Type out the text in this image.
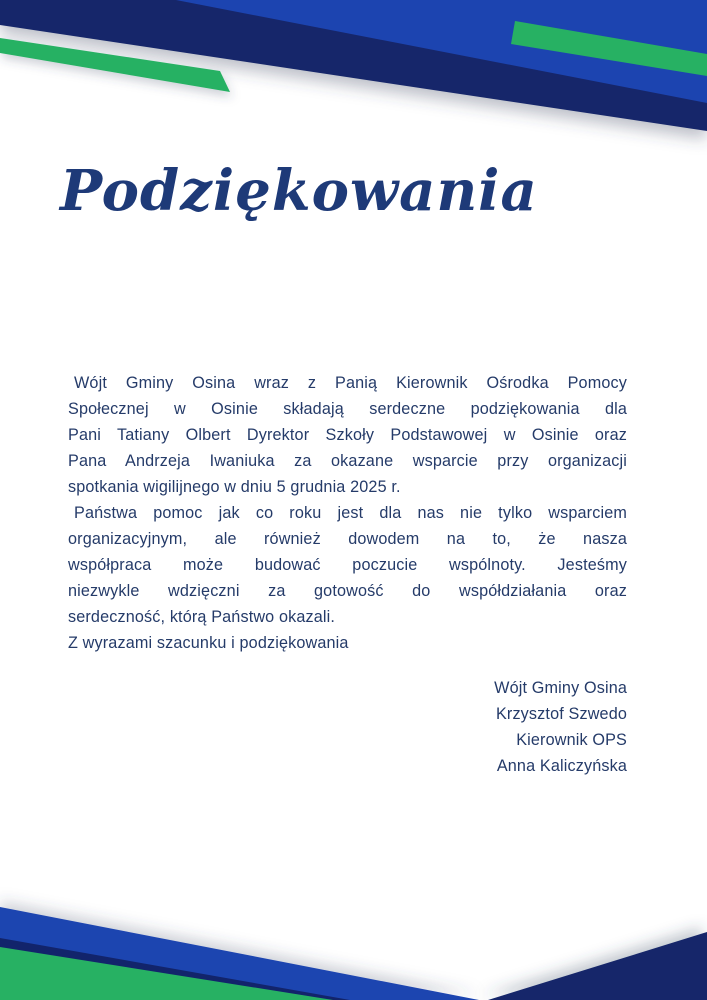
Podziękowania
Wójt Gminy Osina wraz z Panią Kierownik Ośrodka Pomocy
Społecznej w Osinie składają serdeczne podziękowania dla
Pani Tatiany Olbert Dyrektor Szkoły Podstawowej w Osinie oraz
Pana Andrzeja Iwaniuka za okazane wsparcie przy organizacji
spotkania wigilijnego w dniu 5 grudnia 2025 r.
Państwa pomoc jak co roku jest dla nas nie tylko wsparciem
organizacyjnym, ale również dowodem na to, że nasza
współpraca może budować poczucie wspólnoty. Jesteśmy
niezwykle wdzięczni za gotowość do współdziałania oraz
serdeczność, którą Państwo okazali.
Z wyrazami szacunku i podziękowania
Wójt Gminy Osina
Krzysztof Szwedo
Kierownik OPS
Anna Kaliczyńska
